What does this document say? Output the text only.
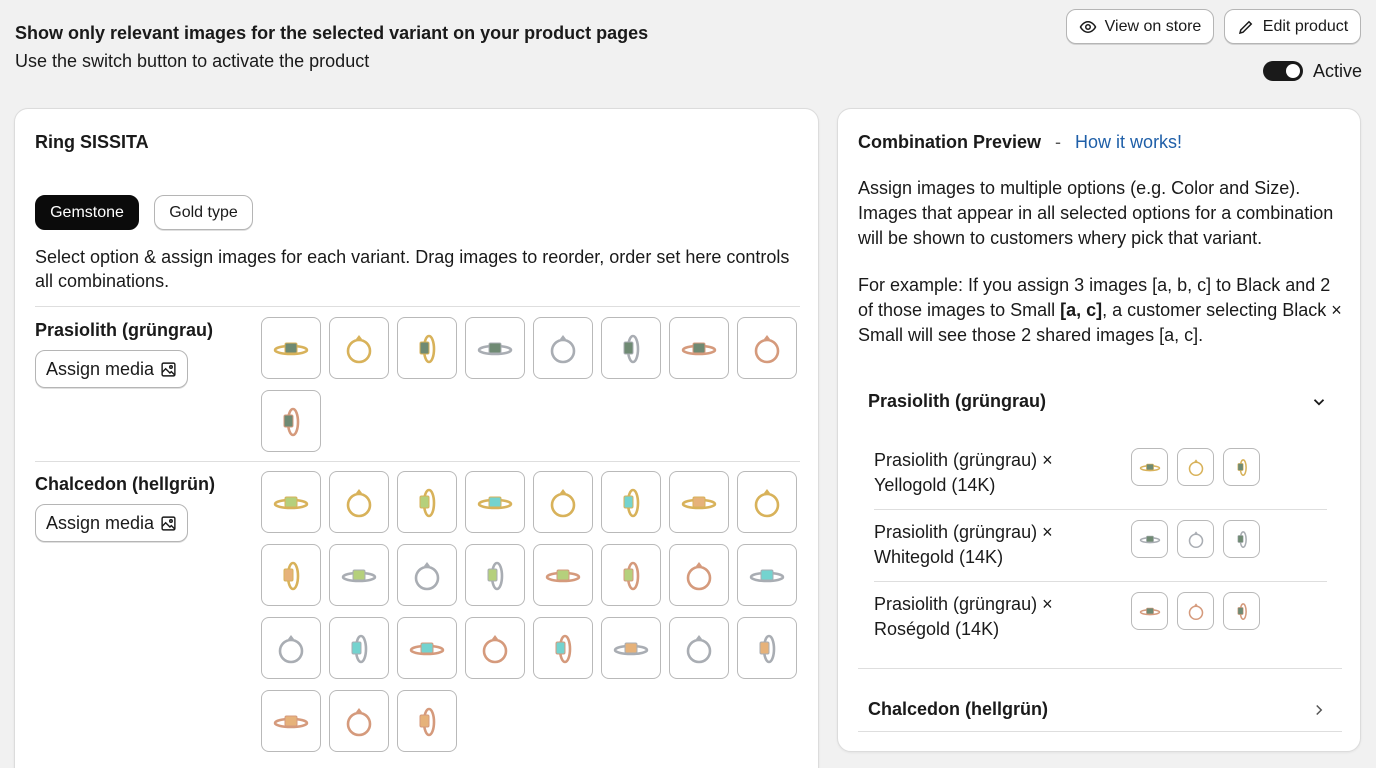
Show only relevant images for the selected variant on your product pages
Use the switch button to activate the product
View on store	Edit product
Active
Ring SISSITA
Gemstone	Gold type
Select option & assign images for each variant. Drag images to reorder, order set here controls all combinations.
Prasiolith (grüngrau)
Assign media
Chalcedon (hellgrün)
Assign media
Combination Preview - How it works!
Assign images to multiple options (e.g. Color and Size). Images that appear in all selected options for a combination will be shown to customers whery pick that variant.
For example: If you assign 3 images [a, b, c] to Black and 2 of those images to Small [a, c], a customer selecting Black × Small will see those 2 shared images [a, c].
Prasiolith (grüngrau)
Prasiolith (grüngrau) × Yellogold (14K)
Prasiolith (grüngrau) × Whitegold (14K)
Prasiolith (grüngrau) × Roségold (14K)
Chalcedon (hellgrün)
